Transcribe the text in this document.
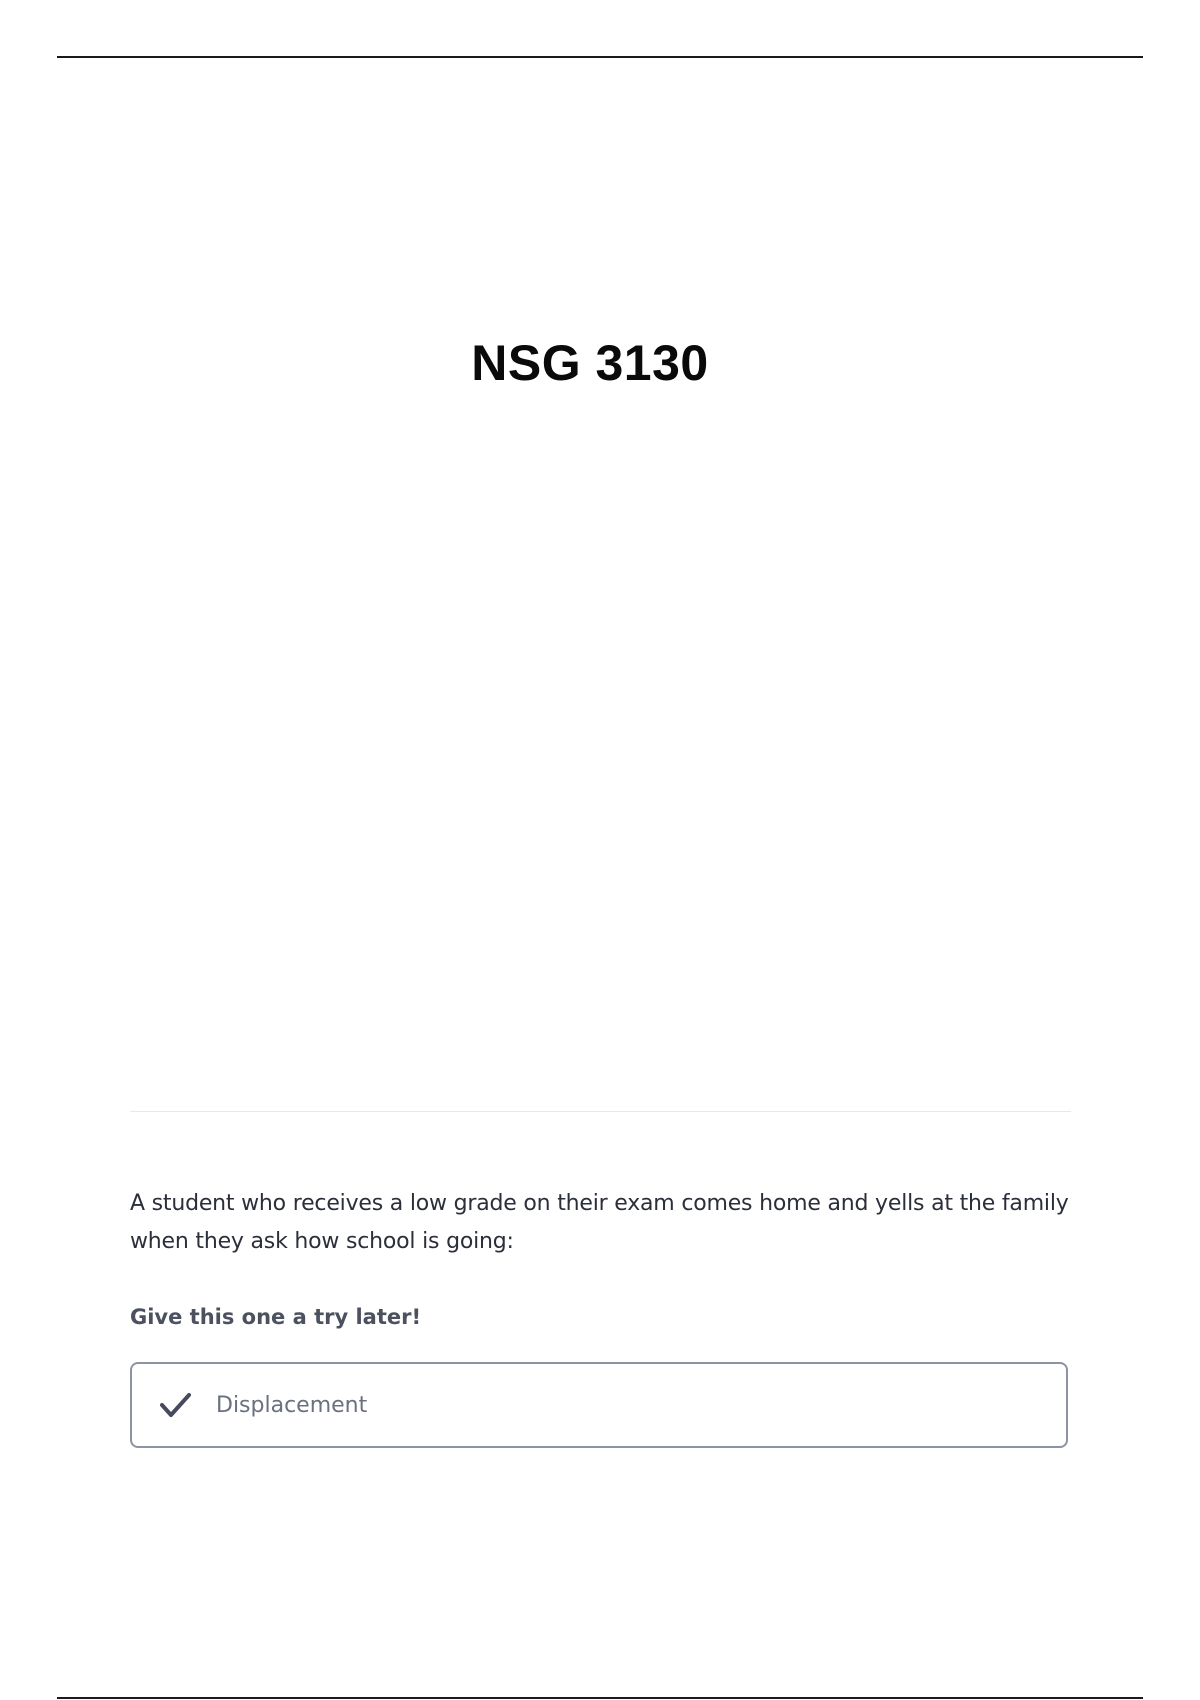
NSG 3130

A student who receives a low grade on their exam comes home and yells at the family when they ask how school is going:

Give this one a try later!

Displacement
